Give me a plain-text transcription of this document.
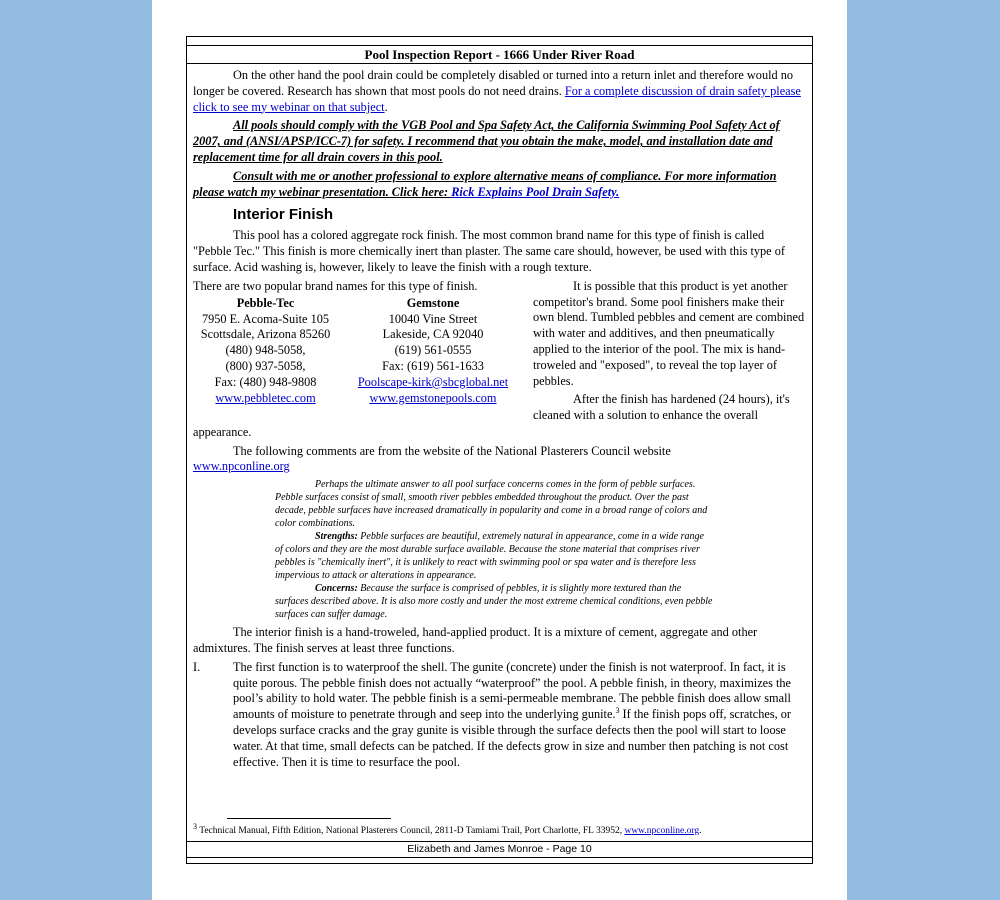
Pool Inspection Report - 1666 Under River Road

On the other hand the pool drain could be completely disabled or turned into a return inlet and therefore would no longer be covered. Research has shown that most pools do not need drains. For a complete discussion of drain safety please click to see my webinar on that subject.

All pools should comply with the VGB Pool and Spa Safety Act, the California Swimming Pool Safety Act of 2007, and (ANSI/APSP/ICC-7) for safety. I recommend that you obtain the make, model, and installation date and replacement time for all drain covers in this pool.

Consult with me or another professional to explore alternative means of compliance. For more information please watch my webinar presentation. Click here: Rick Explains Pool Drain Safety.

Interior Finish

This pool has a colored aggregate rock finish. The most common brand name for this type of finish is called "Pebble Tec." This finish is more chemically inert than plaster. The same care should, however, be used with this type of surface. Acid washing is, however, likely to leave the finish with a rough texture.

There are two popular brand names for this type of finish.
Pebble-Tec
7950 E. Acoma-Suite 105
Scottsdale, Arizona 85260
(480) 948-5058,
(800) 937-5058,
Fax: (480) 948-9808
www.pebbletec.com
Gemstone
10040 Vine Street
Lakeside, CA 92040
(619) 561-0555
Fax: (619) 561-1633
Poolscape-kirk@sbcglobal.net
www.gemstonepools.com

It is possible that this product is yet another competitor's brand. Some pool finishers make their own blend. Tumbled pebbles and cement are combined with water and additives, and then pneumatically applied to the interior of the pool. The mix is hand-troweled and "exposed", to reveal the top layer of pebbles.

After the finish has hardened (24 hours), it's cleaned with a solution to enhance the overall

appearance.

The following comments are from the website of the National Plasterers Council website
www.npconline.org

Perhaps the ultimate answer to all pool surface concerns comes in the form of pebble surfaces. Pebble surfaces consist of small, smooth river pebbles embedded throughout the product. Over the past decade, pebble surfaces have increased dramatically in popularity and come in a broad range of colors and color combinations.

Strengths: Pebble surfaces are beautiful, extremely natural in appearance, come in a wide range of colors and they are the most durable surface available. Because the stone material that comprises river pebbles is "chemically inert", it is unlikely to react with swimming pool or spa water and is therefore less impervious to attack or alterations in appearance.

Concerns: Because the surface is comprised of pebbles, it is slightly more textured than the surfaces described above. It is also more costly and under the most extreme chemical conditions, even pebble surfaces can suffer damage.

The interior finish is a hand-troweled, hand-applied product. It is a mixture of cement, aggregate and other admixtures. The finish serves at least three functions.

I.	The first function is to waterproof the shell. The gunite (concrete) under the finish is not waterproof. In fact, it is quite porous. The pebble finish does not actually “waterproof” the pool. A pebble finish, in theory, maximizes the pool’s ability to hold water. The pebble finish is a semi-permeable membrane. The pebble finish does allow small amounts of moisture to penetrate through and seep into the underlying gunite.$^3$ If the finish pops off, scratches, or develops surface cracks and the gray gunite is visible through the surface defects then the pool will start to loose water. At that time, small defects can be patched. If the defects grow in size and number then patching is not cost effective. Then it is time to resurface the pool.
$^3$ Technical Manual, Fifth Edition, National Plasterers Council, 2811-D Tamiami Trail, Port Charlotte, FL 33952, www.npconline.org.
Elizabeth and James Monroe - Page 10
